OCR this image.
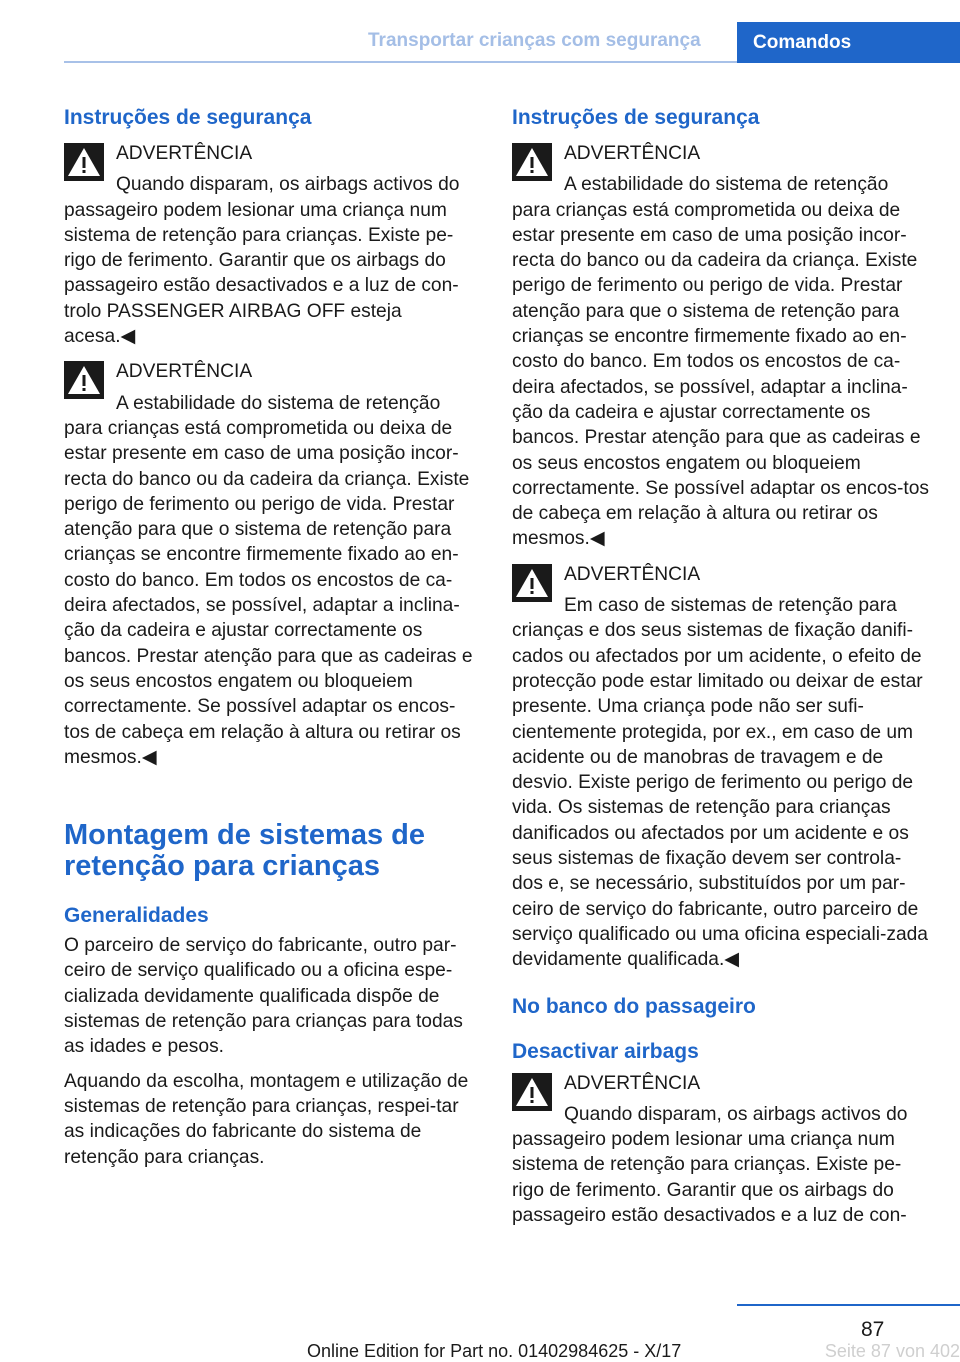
Transportar crianças com segurança	Comandos
Instruções de segurança
ADVERTÊNCIA
Quando disparam, os airbags activos do

passageiro podem lesionar uma criança num sistema de retenção para crianças. Existe pe-rigo de ferimento. Garantir que os airbags do passageiro estão desactivados e a luz de con-trolo PASSENGER AIRBAG OFF esteja acesa.◀

ADVERTÊNCIA
A estabilidade do sistema de retenção

para crianças está comprometida ou deixa de estar presente em caso de uma posição incor-recta do banco ou da cadeira da criança. Existe perigo de ferimento ou perigo de vida. Prestar atenção para que o sistema de retenção para crianças se encontre firmemente fixado ao en-costo do banco. Em todos os encostos de ca-deira afectados, se possível, adaptar a inclina-ção da cadeira e ajustar correctamente os bancos. Prestar atenção para que as cadeiras e os seus encostos engatem ou bloqueiem correctamente. Se possível adaptar os encos-tos de cabeça em relação à altura ou retirar os mesmos.◀

Montagem de sistemas de retenção para crianças
Generalidades

O parceiro de serviço do fabricante, outro par-ceiro de serviço qualificado ou a oficina espe-cializada devidamente qualificada dispõe de sistemas de retenção para crianças para todas as idades e pesos.

Aquando da escolha, montagem e utilização de sistemas de retenção para crianças, respei-tar as indicações do fabricante do sistema de retenção para crianças.

Instruções de segurança
ADVERTÊNCIA
A estabilidade do sistema de retenção

para crianças está comprometida ou deixa de estar presente em caso de uma posição incor-recta do banco ou da cadeira da criança. Existe perigo de ferimento ou perigo de vida. Prestar atenção para que o sistema de retenção para crianças se encontre firmemente fixado ao en-costo do banco. Em todos os encostos de ca-deira afectados, se possível, adaptar a inclina-ção da cadeira e ajustar correctamente os bancos. Prestar atenção para que as cadeiras e os seus encostos engatem ou bloqueiem correctamente. Se possível adaptar os encos-tos de cabeça em relação à altura ou retirar os mesmos.◀

ADVERTÊNCIA
Em caso de sistemas de retenção para

crianças e dos seus sistemas de fixação danifi-cados ou afectados por um acidente, o efeito de protecção pode estar limitado ou deixar de estar presente. Uma criança pode não ser sufi-cientemente protegida, por ex., em caso de um acidente ou de manobras de travagem e de desvio. Existe perigo de ferimento ou perigo de vida. Os sistemas de retenção para crianças danificados ou afectados por um acidente e os seus sistemas de fixação devem ser controla-dos e, se necessário, substituídos por um par-ceiro de serviço do fabricante, outro parceiro de serviço qualificado ou uma oficina especiali-zada devidamente qualificada.◀

No banco do passageiro
Desactivar airbags
ADVERTÊNCIA
Quando disparam, os airbags activos do

passageiro podem lesionar uma criança num sistema de retenção para crianças. Existe pe-rigo de ferimento. Garantir que os airbags do passageiro estão desactivados e a luz de con-

87
Online Edition for Part no. 01402984625 - X/17	Seite 87 von 402
